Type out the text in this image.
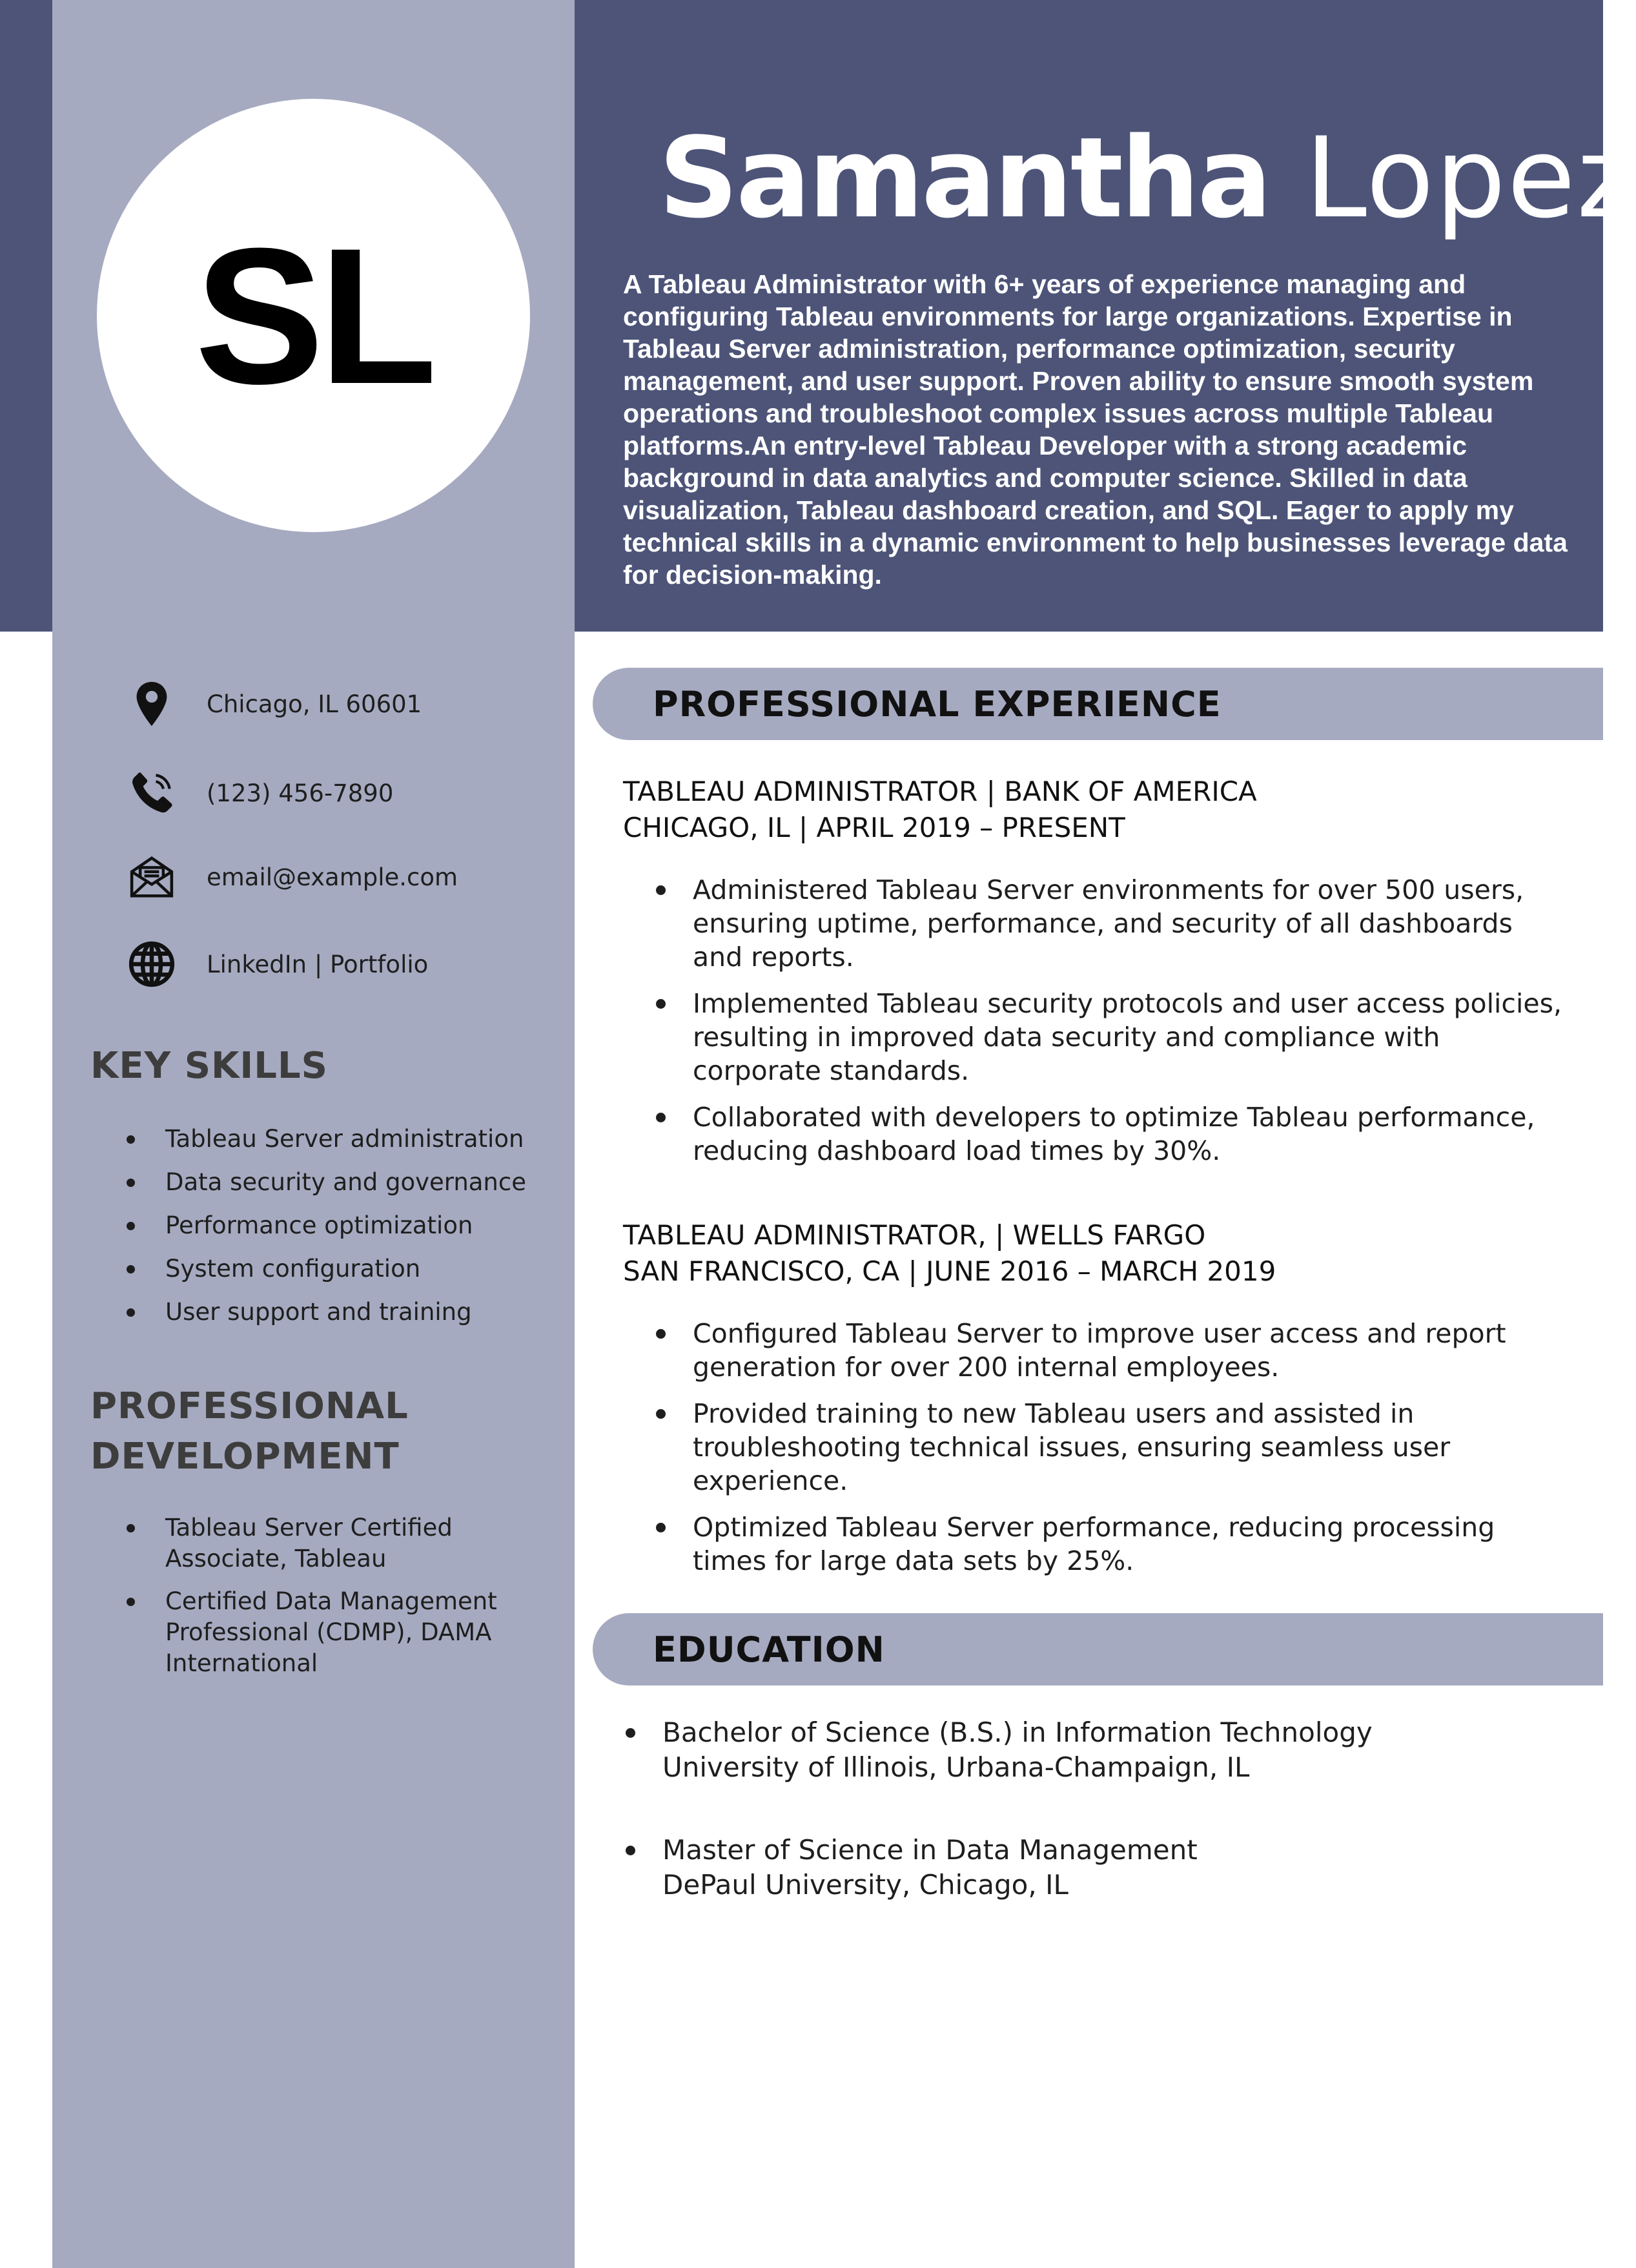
SL
Samantha Lopez
A Tableau Administrator with 6+ years of experience managing and configuring Tableau environments for large organizations. Expertise in Tableau Server administration, performance optimization, security management, and user support. Proven ability to ensure smooth system operations and troubleshoot complex issues across multiple Tableau platforms.An entry-level Tableau Developer with a strong academic background in data analytics and computer science. Skilled in data visualization, Tableau dashboard creation, and SQL. Eager to apply my technical skills in a dynamic environment to help businesses leverage data for decision-making.
Chicago, IL 60601
(123) 456-7890
email@example.com
LinkedIn | Portfolio
KEY SKILLS
Tableau Server administration
Data security and governance
Performance optimization
System configuration
User support and training
PROFESSIONAL
DEVELOPMENT
Tableau Server Certified Associate, Tableau
Certified Data Management Professional (CDMP), DAMA International
PROFESSIONAL EXPERIENCE
TABLEAU ADMINISTRATOR | BANK OF AMERICA
CHICAGO, IL | APRIL 2019 – PRESENT
Administered Tableau Server environments for over 500 users, ensuring uptime, performance, and security of all dashboards and reports.
Implemented Tableau security protocols and user access policies, resulting in improved data security and compliance with corporate standards.
Collaborated with developers to optimize Tableau performance, reducing dashboard load times by 30%.
TABLEAU ADMINISTRATOR, | WELLS FARGO
SAN FRANCISCO, CA | JUNE 2016 – MARCH 2019
Configured Tableau Server to improve user access and report generation for over 200 internal employees.
Provided training to new Tableau users and assisted in troubleshooting technical issues, ensuring seamless user experience.
Optimized Tableau Server performance, reducing processing times for large data sets by 25%.
EDUCATION
Bachelor of Science (B.S.) in Information Technology
University of Illinois, Urbana-Champaign, IL
Master of Science in Data Management
DePaul University, Chicago, IL
